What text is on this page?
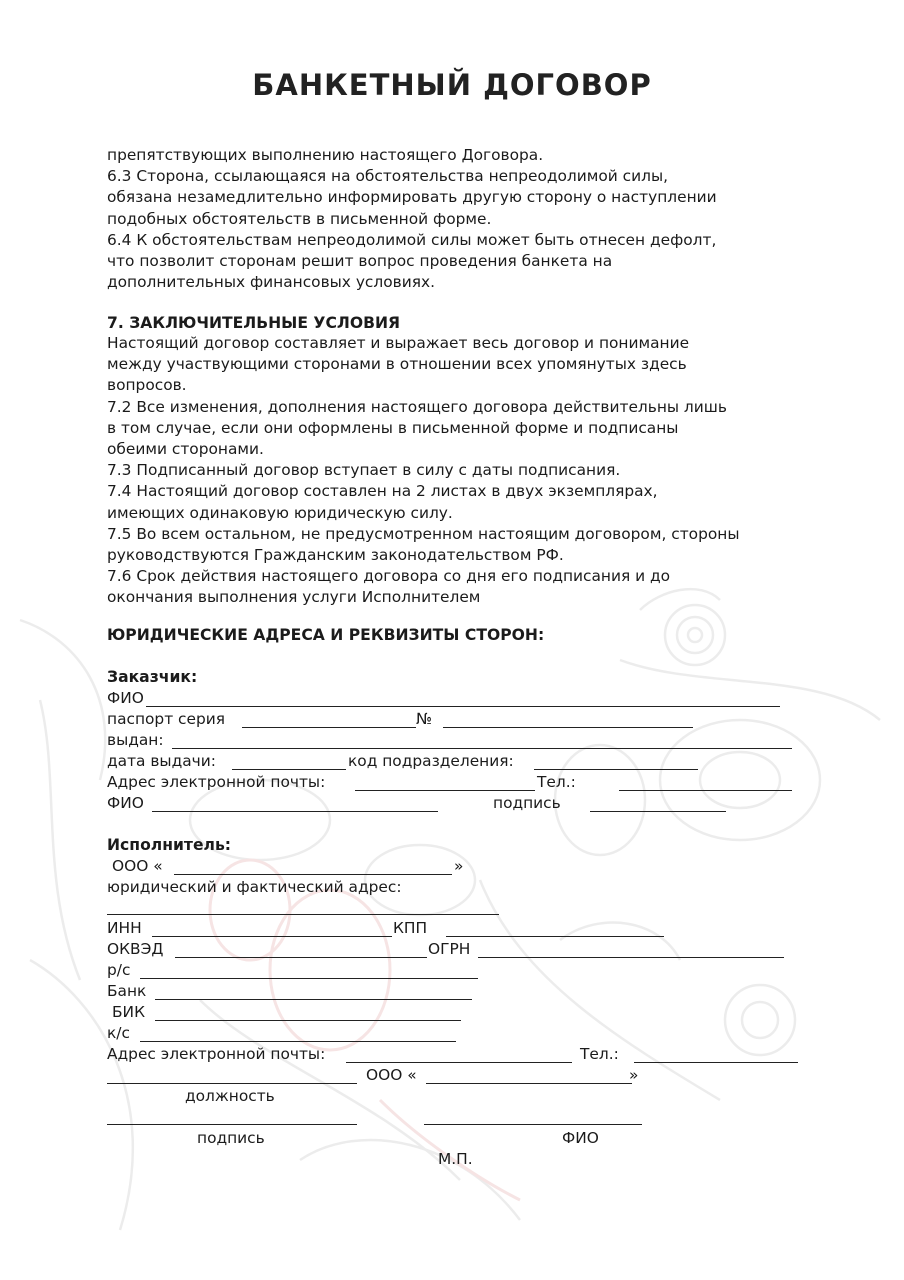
БАНКЕТНЫЙ ДОГОВОР
препятствующих выполнению настоящего Договора.
6.3 Сторона, ссылающаяся на обстоятельства непреодолимой силы,
обязана незамедлительно информировать другую сторону о наступлении
подобных обстоятельств в письменной форме.
6.4 К обстоятельствам непреодолимой силы может быть отнесен дефолт,
что позволит сторонам решит вопрос проведения банкета на
дополнительных финансовых условиях.
7. ЗАКЛЮЧИТЕЛЬНЫЕ УСЛОВИЯ
Настоящий договор составляет и выражает весь договор и понимание
между участвующими сторонами в отношении всех упомянутых здесь
вопросов.
7.2 Все изменения, дополнения настоящего договора действительны лишь
в том случае, если они оформлены в письменной форме и подписаны
обеими сторонами.
7.3 Подписанный договор вступает в силу с даты подписания.
7.4 Настоящий договор составлен на 2 листах в двух экземплярах,
имеющих одинаковую юридическую силу.
7.5 Во всем остальном, не предусмотренном настоящим договором, стороны
руководствуются Гражданским законодательством РФ.
7.6 Срок действия настоящего договора со дня его подписания и до
окончания выполнения услуги Исполнителем
ЮРИДИЧЕСКИЕ АДРЕСА И РЕКВИЗИТЫ СТОРОН:
Заказчик:
ФИО
паспорт серия	№
выдан:
дата выдачи:	код подразделения:
Адрес электронной почты:	Тел.:
ФИО	подпись
Исполнитель:
ООО «	»
юридический и фактический адрес:
ИНН	КПП
ОКВЭД	ОГРН
р/с
Банк
БИК
к/с
Адрес электронной почты:	Тел.:
ООО «	»
должность
подпись	ФИО
М.П.
